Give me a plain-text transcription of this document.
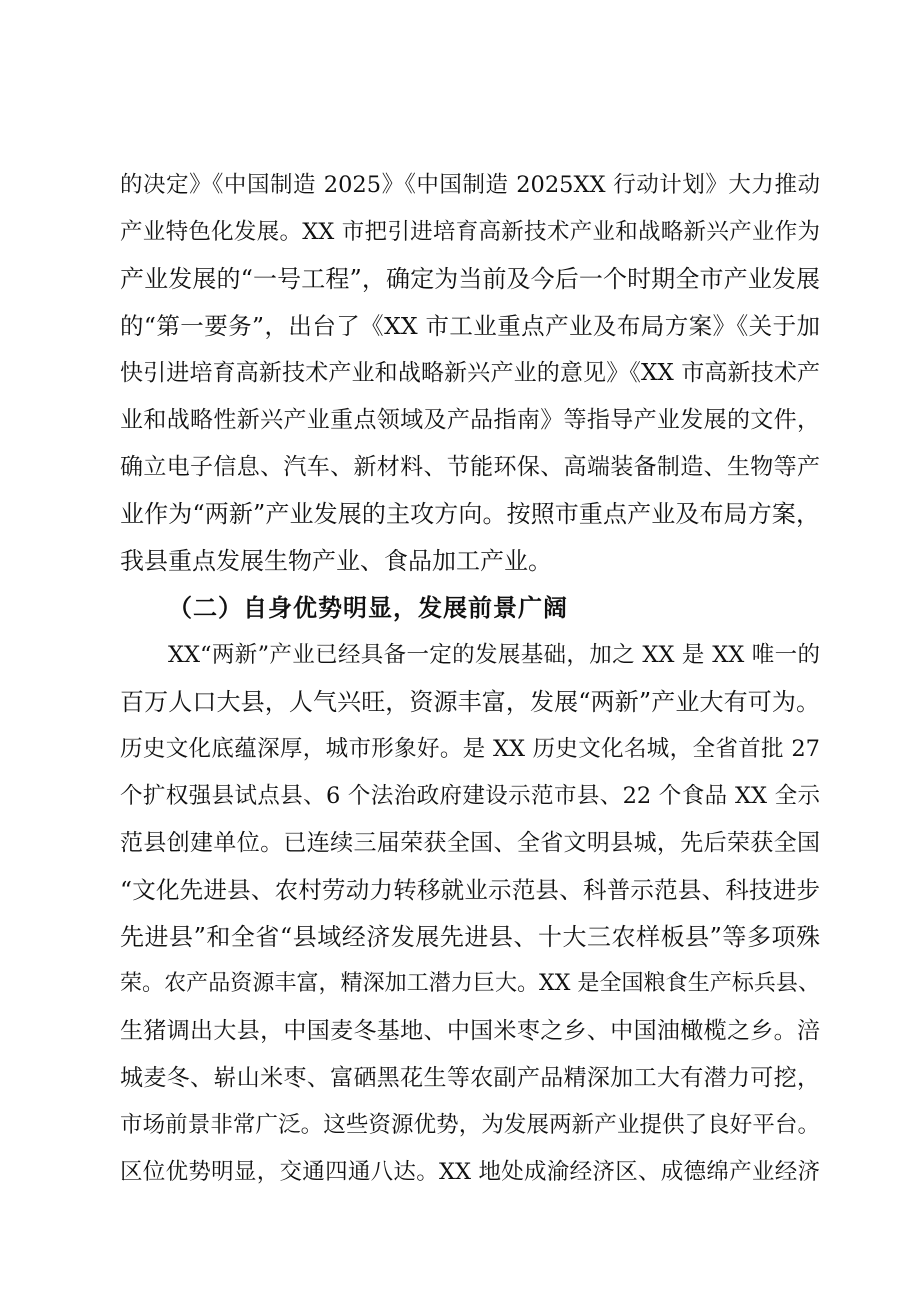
的决定》《中国制造 2025》《中国制造 2025XX 行动计划》大力推动
产业特色化发展。XX 市把引进培育高新技术产业和战略新兴产业作为
产业发展的“一号工程”，确定为当前及今后一个时期全市产业发展
的“第一要务”，出台了《XX 市工业重点产业及布局方案》《关于加
快引进培育高新技术产业和战略新兴产业的意见》《XX 市高新技术产
业和战略性新兴产业重点领域及产品指南》等指导产业发展的文件，
确立电子信息、汽车、新材料、节能环保、高端装备制造、生物等产
业作为“两新”产业发展的主攻方向。按照市重点产业及布局方案，
我县重点发展生物产业、食品加工产业。
（二）自身优势明显，发展前景广阔
XX“两新”产业已经具备一定的发展基础，加之 XX 是 XX 唯一的
百万人口大县，人气兴旺，资源丰富，发展“两新”产业大有可为。
历史文化底蕴深厚，城市形象好。是 XX 历史文化名城，全省首批 27
个扩权强县试点县、6 个法治政府建设示范市县、22 个食品 XX 全示
范县创建单位。已连续三届荣获全国、全省文明县城，先后荣获全国
“文化先进县、农村劳动力转移就业示范县、科普示范县、科技进步
先进县”和全省“县域经济发展先进县、十大三农样板县”等多项殊
荣。农产品资源丰富，精深加工潜力巨大。XX 是全国粮食生产标兵县、
生猪调出大县，中国麦冬基地、中国米枣之乡、中国油橄榄之乡。涪
城麦冬、崭山米枣、富硒黑花生等农副产品精深加工大有潜力可挖，
市场前景非常广泛。这些资源优势，为发展两新产业提供了良好平台。
区位优势明显，交通四通八达。XX 地处成渝经济区、成德绵产业经济
